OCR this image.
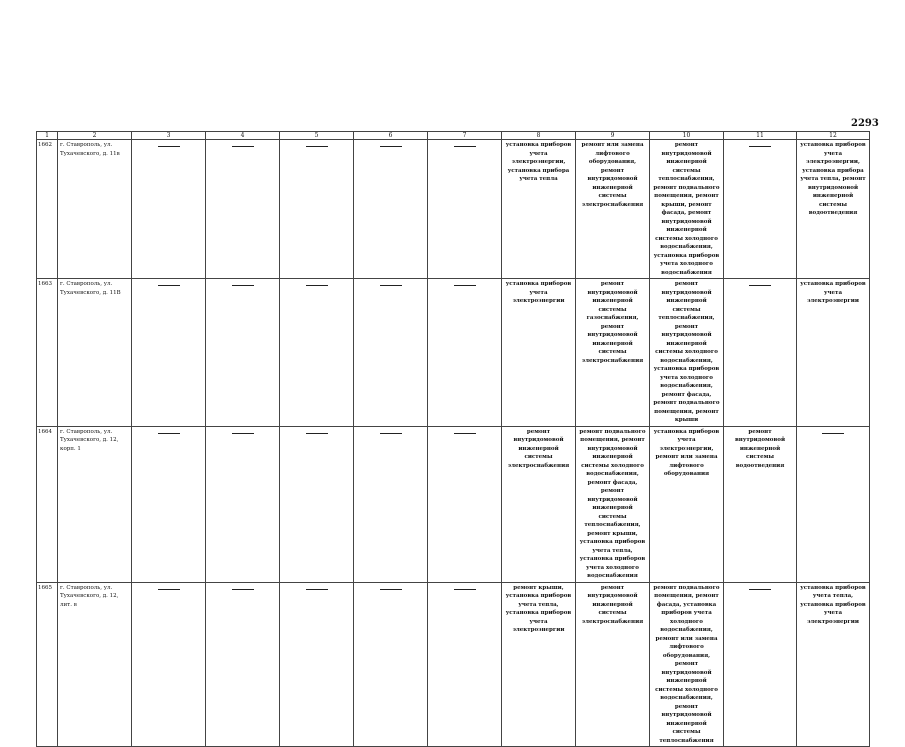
2293
1	2	3	4	5	6	7	8	9	10	11	12
1662	г. Ставрополь, ул. Тухачевского, д. 11в						установка приборов учета электроэнергии, установка прибора учета тепла	ремонт или замена лифтового оборудования, ремонт внутридомовой инженерной системы электроснабжения	ремонт внутридомовой инженерной системы теплоснабжения, ремонт подвального помещения, ремонт крыши, ремонт фасада, ремонт внутридомовой инженерной системы холодного водоснабжения, установка приборов учета холодного водоснабжения		установка приборов учета электроэнергии, установка прибора учета тепла, ремонт внутридомовой инженерной системы водоотведения
1663	г. Ставрополь, ул. Тухачевского, д. 11В						установка приборов учета электроэнергии	ремонт внутридомовой инженерной системы газоснабжения, ремонт внутридомовой инженерной системы электроснабжения	ремонт внутридомовой инженерной системы теплоснабжения, ремонт внутридомовой инженерной системы холодного водоснабжения, установка приборов учета холодного водоснабжения, ремонт фасада, ремонт подвального помещения, ремонт крыши		установка приборов учета электроэнергии
1664	г. Ставрополь, ул. Тухачевского, д. 12, корп. 1						ремонт внутридомовой инженерной системы электроснабжения	ремонт подвального помещения, ремонт внутридомовой инженерной системы холодного водоснабжения, ремонт фасада, ремонт внутридомовой инженерной системы теплоснабжения, ремонт крыши, установка приборов учета тепла, установка приборов учета холодного водоснабжения	установка приборов учета электроэнергии, ремонт или замена лифтового оборудования	ремонт внутридомовой инженерной системы водоотведения	

1665	г. Ставрополь, ул. Тухачевского, д. 12, лит. в						ремонт крыши, установка приборов учета тепла, установка приборов учета электроэнергии	ремонт внутридомовой инженерной системы электроснабжения	ремонт подвального помещения, ремонт фасада, установка приборов учета холодного водоснабжения, ремонт или замена лифтового оборудования, ремонт внутридомовой инженерной системы холодного водоснабжения, ремонт внутридомовой инженерной системы теплоснабжения		установка приборов учета тепла, установка приборов учета электроэнергии
